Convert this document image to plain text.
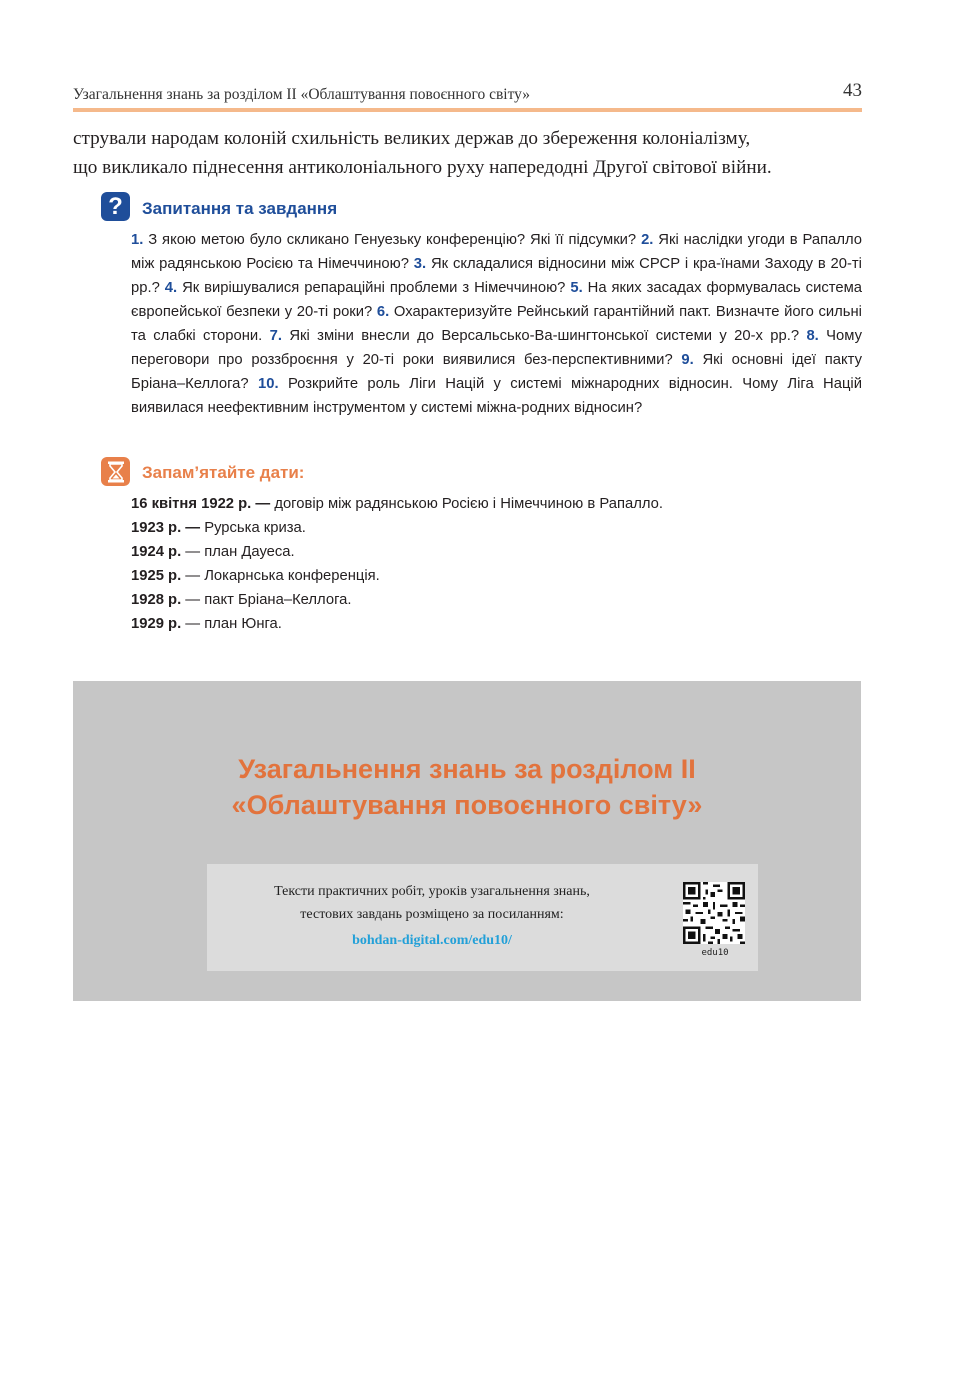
Узагальнення знань за розділом II «Облаштування повоєнного світу»	43
стрували народам колоній схильність великих держав до збереження колоніалізму,
що викликало піднесення антиколоніального руху напередодні Другої світової війни.
?	Запитання та завдання
1. З якою метою було скликано Генуезьку конференцію? Які її підсумки? 2. Які наслідки угоди в Рапалло між радянською Росією та Німеччиною? 3. Як складалися відносини між СРСР і кра-їнами Заходу в 20-ті рр.? 4. Як вирішувалися репараційні проблеми з Німеччиною? 5. На яких засадах формувалась система європейської безпеки у 20-ті роки? 6. Охарактеризуйте Рейнський гарантійний пакт. Визначте його сильні та слабкі сторони. 7. Які зміни внесли до Версальсько-Ва-шингтонської системи у 20-х рр.? 8. Чому переговори про роззброєння у 20-ті роки виявилися без-перспективними? 9. Які основні ідеї пакту Бріана–Келлога? 10. Розкрийте роль Ліги Націй у системі міжнародних відносин. Чому Ліга Націй виявилася неефективним інструментом у системі міжна-родних відносин?
Запам’ятайте дати:
16 квітня 1922 р. — договір між радянською Росією і Німеччиною в Рапалло.
1923 р. — Рурська криза.
1924 р. — план Дауеса.
1925 р. — Локарнська конференція.
1928 р. — пакт Бріана–Келлога.
1929 р. — план Юнга.
Узагальнення знань за розділом II
«Облаштування повоєнного світу»
Тексти практичних робіт, уроків узагальнення знань,
тестових завдань розміщено за посиланням:
bohdan-digital.com/edu10/
edu10
